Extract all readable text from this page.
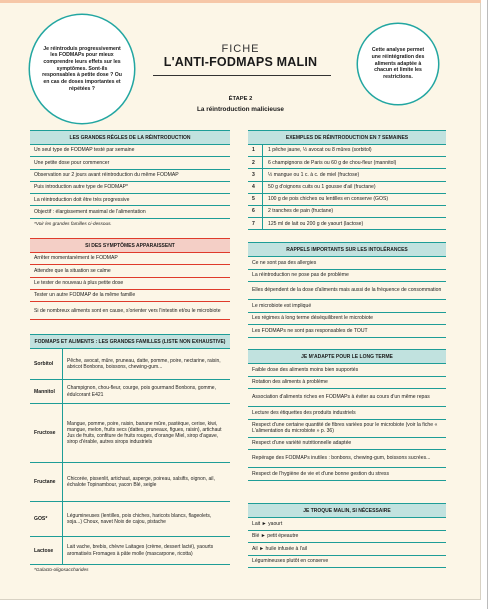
Je réintroduis progressivement les FODMAPs pour mieux comprendre leurs effets sur les symptômes. Sont-ils responsables à petite dose ? Ou en cas de doses importantes et répétées ?
Cette analyse permet une réintégration des aliments adaptée à chacun et limite les restrictions.
FICHE
L'ANTI-FODMAPS MALIN
ÉTAPE 2
La réintroduction malicieuse
LES GRANDES RÈGLES DE LA RÉINTRODUCTION
Un seul type de FODMAP testé par semaine
Une petite dose pour commencer
Observation sur 2 jours avant réintroduction du même FODMAP
Puis introduction autre type de FODMAP*
La réintroduction doit être très progressive
Objectif : élargissement maximal de l'alimentation
*Voir les grandes familles ci-dessous.
SI DES SYMPTÔMES APPARAISSENT
Arrêter momentanément le FODMAP
Attendre que la situation se calme
Le tester de nouveau à plus petite dose
Tester un autre FODMAP de la même famille
Si de nombreux aliments sont en cause, s'orienter vers l'intestin et/ou le microbiote
FODMAPS ET ALIMENTS : LES GRANDES FAMILLES (LISTE NON EXHAUSTIVE)
Sorbitol
Pêche, avocat, mûre, pruneau, datte, pomme, poire, nectarine, raisin, abricot Bonbons, boissons, chewing-gum...
Mannitol
Champignon, chou-fleur, courge, pois gourmand Bonbons, gomme, édulcorant E421
Fructose
Mangue, pomme, poire, raisin, banane mûre, pastèque, cerise, kiwi, mangue, melon, fruits secs (dattes, pruneaux, figues, raisin), artichaut Jus de fruits, confiture de fruits rouges, d'orange Miel, sirop d'agave, sirop d'érable, autres sirops industriels
Fructane
Chicorée, pissenlit, artichaut, asperge, poireau, salsifis, oignon, ail, échalote Topinambour, yacon Blé, seigle
GOS*
Légumineuses (lentilles, pois chiches, haricots blancs, flageolets, soja...) Choux, navet Noix de cajou, pistache
Lactose
Lait vache, brebis, chèvre Laitages (crème, dessert lacté), yaourts aromatisés Fromages à pâte molle (mascarpone, ricotta)
*Galacto-oligosaccharides
EXEMPLES DE RÉINTRODUCTION EN 7 SEMAINES
1	1 pêche jaune, ½ avocat ou 8 mûres (sorbitol)
2	6 champignons de Paris ou 60 g de chou-fleur (mannitol)
3	½ mangue ou 1 c. à c. de miel (fructose)
4	50 g d'oignons cuits ou 1 gousse d'ail (fructane)
5	100 g de pois chiches ou lentilles en conserve (GOS)
6	2 tranches de pain (fructane)
7	125 ml de lait ou 200 g de yaourt (lactose)
RAPPELS IMPORTANTS SUR LES INTOLÉRANCES
Ce ne sont pas des allergies
La réintroduction ne pose pas de problème
Elles dépendent de la dose d'aliments mais aussi de la fréquence de consommation
Le microbiote est impliqué
Les régimes à long terme déséquilibrent le microbiote
Les FODMAPs ne sont pas responsables de TOUT
JE M'ADAPTE POUR LE LONG TERME
Faible dose des aliments moins bien supportés
Rotation des aliments à problème
Association d'aliments riches en FODMAPs à éviter au cours d'un même repas
Lecture des étiquettes des produits industriels
Respect d'une certaine quantité de fibres variées pour le microbiote (voir la fiche « L'alimentation du microbiote » p. 36)
Respect d'une variété nutritionnelle adaptée
Repérage des FODMAPs inutiles : bonbons, chewing-gum, boissons sucrées...
Respect de l'hygiène de vie et d'une bonne gestion du stress
JE TROQUE MALIN, SI NÉCESSAIRE
Lait ► yaourt
Blé ► petit épeautre
Ail ► huile infusée à l'ail
Légumineuses plutôt en conserve
